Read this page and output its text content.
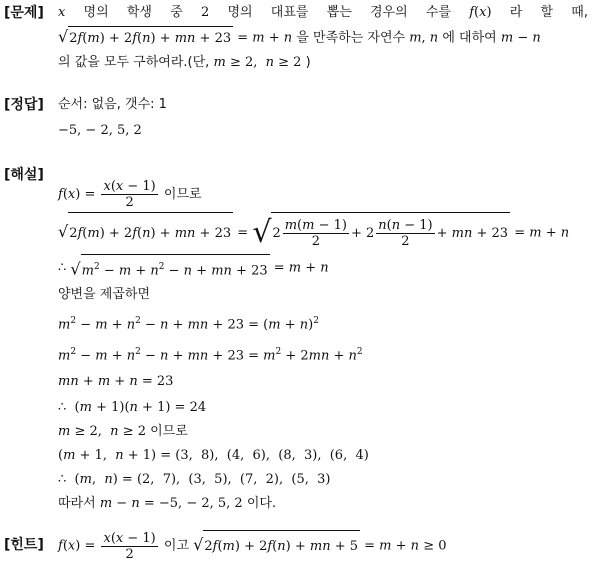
[문제] x 명의 학생 중 2 명의 대표를 뽑는 경우의 수를 f(x) 라 할 때,
√2f(m) + 2f(n) + mn + 23 = m + n 을 만족하는 자연수 m, n 에 대하여 m − n
의 값을 모두 구하여라.(단, m ≥ 2,  n ≥ 2 )
[정답] 순서: 없음, 갯수: 1
−5, − 2, 5, 2
[해설]
$f(x) = \frac{x(x - 1)}{2}$ 이므로
√2f(m) + 2f(n) + mn + $23 = √2 \frac{m(m - 1)}{2} + 2 \frac{n(n - 1)}{2}$ + mn + 23 = m + n
∴ $√m^2 - m + n^2 - n$ + mn + 23 = m + n
양변을 제곱하면
$m^2 - m + n^2 - n$ + mn + $23 = (m + n)^2$
$m^2 - m + n^2 - n$ + mn + $23 = m^2 + 2mn + n^2$
mn + m + n = 23
∴  (m + 1)(n + 1) = 24
m ≥ 2,  n ≥ 2 이므로
(m + 1,  n + 1) = (3,  8),  (4,  6),  (8,  3),  (6,  4)
∴  (m,  n) = (2,  7),  (3,  5),  (7,  2),  (5,  3)
따라서 m − n = −5, − 2, 5, 2 이다.
[힌트] $f(x) = \frac{x(x - 1)}{2}$ 이고 √2f(m) + 2f(n) + mn + 5 = m + n ≥ 0
